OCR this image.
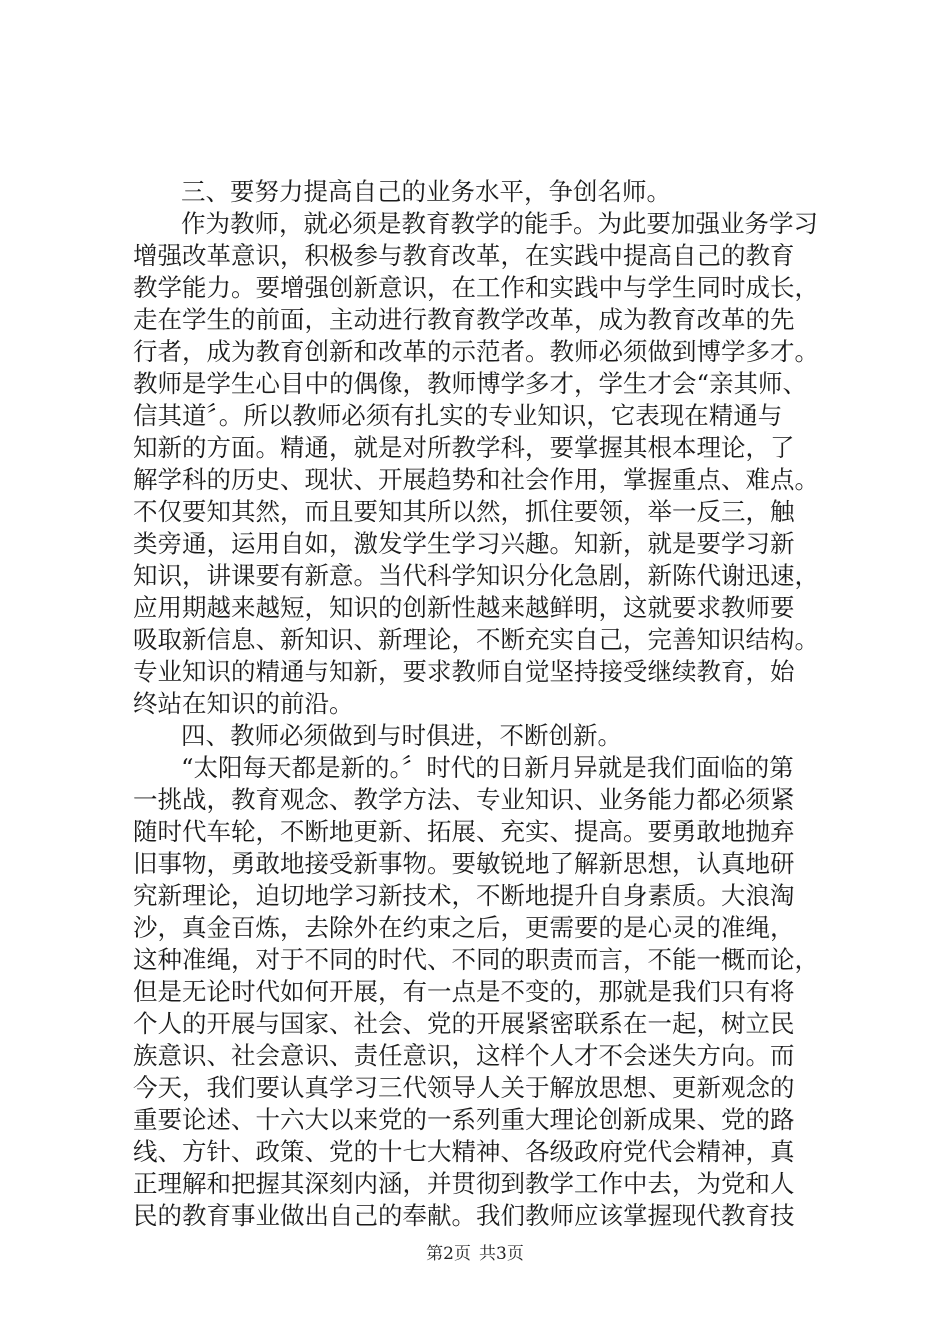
三、要努力提高自己的业务水平，争创名师。
作为教师，就必须是教育教学的能手。为此要加强业务学习
增强改革意识，积极参与教育改革，在实践中提高自己的教育
教学能力。要增强创新意识，在工作和实践中与学生同时成长，
走在学生的前面，主动进行教育教学改革，成为教育改革的先
行者，成为教育创新和改革的示范者。教师必须做到博学多才。
教师是学生心目中的偶像，教师博学多才，学生才会“亲其师、
信其道〞。所以教师必须有扎实的专业知识，它表现在精通与
知新的方面。精通，就是对所教学科，要掌握其根本理论，了
解学科的历史、现状、开展趋势和社会作用，掌握重点、难点。
不仅要知其然，而且要知其所以然，抓住要领，举一反三，触
类旁通，运用自如，激发学生学习兴趣。知新，就是要学习新
知识，讲课要有新意。当代科学知识分化急剧，新陈代谢迅速，
应用期越来越短，知识的创新性越来越鲜明，这就要求教师要
吸取新信息、新知识、新理论，不断充实自己，完善知识结构。
专业知识的精通与知新，要求教师自觉坚持接受继续教育，始
终站在知识的前沿。
四、教师必须做到与时俱进，不断创新。
“太阳每天都是新的。〞时代的日新月异就是我们面临的第
一挑战，教育观念、教学方法、专业知识、业务能力都必须紧
随时代车轮，不断地更新、拓展、充实、提高。要勇敢地抛弃
旧事物，勇敢地接受新事物。要敏锐地了解新思想，认真地研
究新理论，迫切地学习新技术，不断地提升自身素质。大浪淘
沙，真金百炼，去除外在约束之后，更需要的是心灵的准绳，
这种准绳，对于不同的时代、不同的职责而言，不能一概而论，
但是无论时代如何开展，有一点是不变的，那就是我们只有将
个人的开展与国家、社会、党的开展紧密联系在一起，树立民
族意识、社会意识、责任意识，这样个人才不会迷失方向。而
今天，我们要认真学习三代领导人关于解放思想、更新观念的
重要论述、十六大以来党的一系列重大理论创新成果、党的路
线、方针、政策、党的十七大精神、各级政府党代会精神，真
正理解和把握其深刻内涵，并贯彻到教学工作中去，为党和人
民的教育事业做出自己的奉献。我们教师应该掌握现代教育技
第2页 共3页
